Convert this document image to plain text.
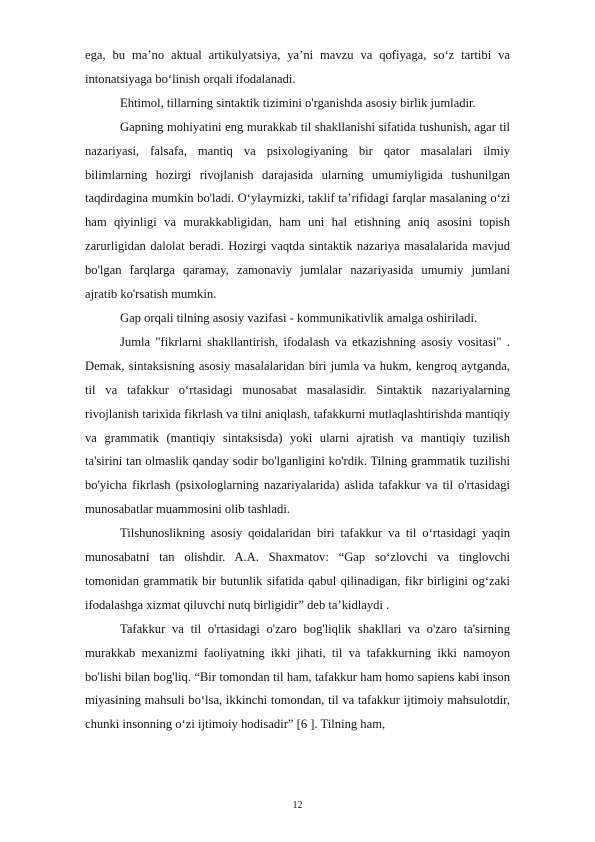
ega, bu ma’no aktual artikulyatsiya, ya’ni mavzu va qofiyaga, so‘z tartibi va intonatsiyaga bo‘linish orqali ifodalanadi.

Ehtimol, tillarning sintaktik tizimini o'rganishda asosiy birlik jumladir.

Gapning mohiyatini eng murakkab til shakllanishi sifatida tushunish, agar til nazariyasi, falsafa, mantiq va psixologiyaning bir qator masalalari ilmiy bilimlarning hozirgi rivojlanish darajasida ularning umumiyligida tushunilgan taqdirdagina mumkin bo'ladi. O‘ylaymizki, taklif ta’rifidagi farqlar masalaning o‘zi ham qiyinligi va murakkabligidan, ham uni hal etishning aniq asosini topish zarurligidan dalolat beradi. Hozirgi vaqtda sintaktik nazariya masalalarida mavjud bo'lgan farqlarga qaramay, zamonaviy jumlalar nazariyasida umumiy jumlani ajratib ko'rsatish mumkin.

Gap orqali tilning asosiy vazifasi - kommunikativlik amalga oshiriladi.

Jumla "fikrlarni shakllantirish, ifodalash va etkazishning asosiy vositasi" . Demak, sintaksisning asosiy masalalaridan biri jumla va hukm, kengroq aytganda, til va tafakkur o‘rtasidagi munosabat masalasidir. Sintaktik nazariyalarning rivojlanish tarixida fikrlash va tilni aniqlash, tafakkurni mutlaqlashtirishda mantiqiy va grammatik (mantiqiy sintaksisda) yoki ularni ajratish va mantiqiy tuzilish ta'sirini tan olmaslik qanday sodir bo'lganligini ko'rdik. Tilning grammatik tuzilishi bo'yicha fikrlash (psixologlarning nazariyalarida) aslida tafakkur va til o'rtasidagi munosabatlar muammosini olib tashladi.

Tilshunoslikning asosiy qoidalaridan biri tafakkur va til o‘rtasidagi yaqin munosabatni tan olishdir. A.A. Shaxmatov: “Gap so‘zlovchi va tinglovchi tomonidan grammatik bir butunlik sifatida qabul qilinadigan, fikr birligini og‘zaki ifodalashga xizmat qiluvchi nutq birligidir” deb ta’kidlaydi .

Tafakkur va til o'rtasidagi o'zaro bog'liqlik shakllari va o'zaro ta'sirning murakkab mexanizmi faoliyatning ikki jihati, til va tafakkurning ikki namoyon bo'lishi bilan bog'liq. “Bir tomondan til ham, tafakkur ham homo sapiens kabi inson miyasining mahsuli bo‘lsa, ikkinchi tomondan, til va tafakkur ijtimoiy mahsulotdir, chunki insonning o‘zi ijtimoiy hodisadir” [6 ]. Tilning ham,

12
